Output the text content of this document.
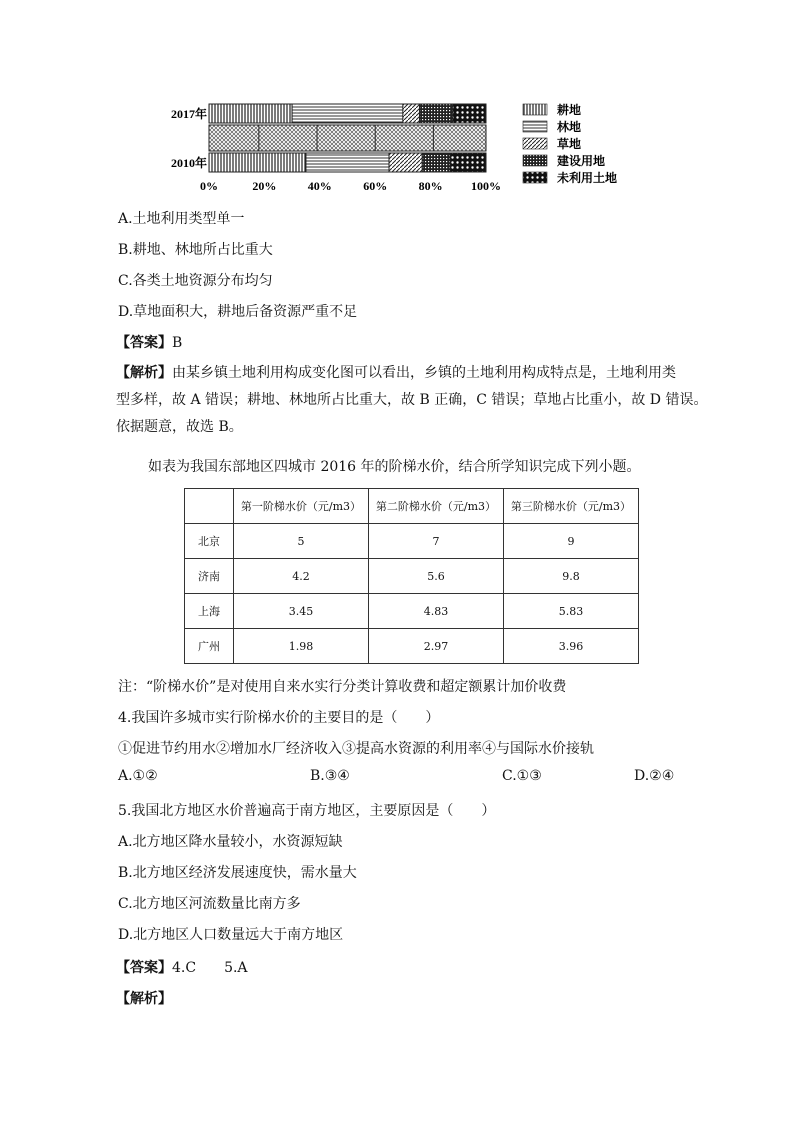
2017年
2010年
0%	20%	40%	60%	80% 100%
耕地
林地
草地
建设用地
未利用土地
A.土地利用类型单一
B.耕地、林地所占比重大
C.各类土地资源分布均匀
D.草地面积大，耕地后备资源严重不足
【答案】B
【解析】由某乡镇土地利用构成变化图可以看出，乡镇的土地利用构成特点是，土地利用类
型多样，故 A 错误；耕地、林地所占比重大，故 B 正确，C 错误；草地占比重小，故 D 错误。
依据题意，故选 B。
如表为我国东部地区四城市 2016 年的阶梯水价，结合所学知识完成下列小题。
	第一阶梯水价（元/m3）	第二阶梯水价（元/m3）	第三阶梯水价（元/m3）
北京	5	7	9
济南	4.2	5.6	9.8
上海	3.45	4.83	5.83
广州	1.98	2.97	3.96
注：“阶梯水价”是对使用自来水实行分类计算收费和超定额累计加价收费
4.我国许多城市实行阶梯水价的主要目的是（　　）
①促进节约用水②增加水厂经济收入③提高水资源的利用率④与国际水价接轨
A.①②	B.③④	C.①③	D.②④
5.我国北方地区水价普遍高于南方地区，主要原因是（　　）
A.北方地区降水量较小，水资源短缺
B.北方地区经济发展速度快，需水量大
C.北方地区河流数量比南方多
D.北方地区人口数量远大于南方地区
【答案】4.C　　5.A
【解析】
